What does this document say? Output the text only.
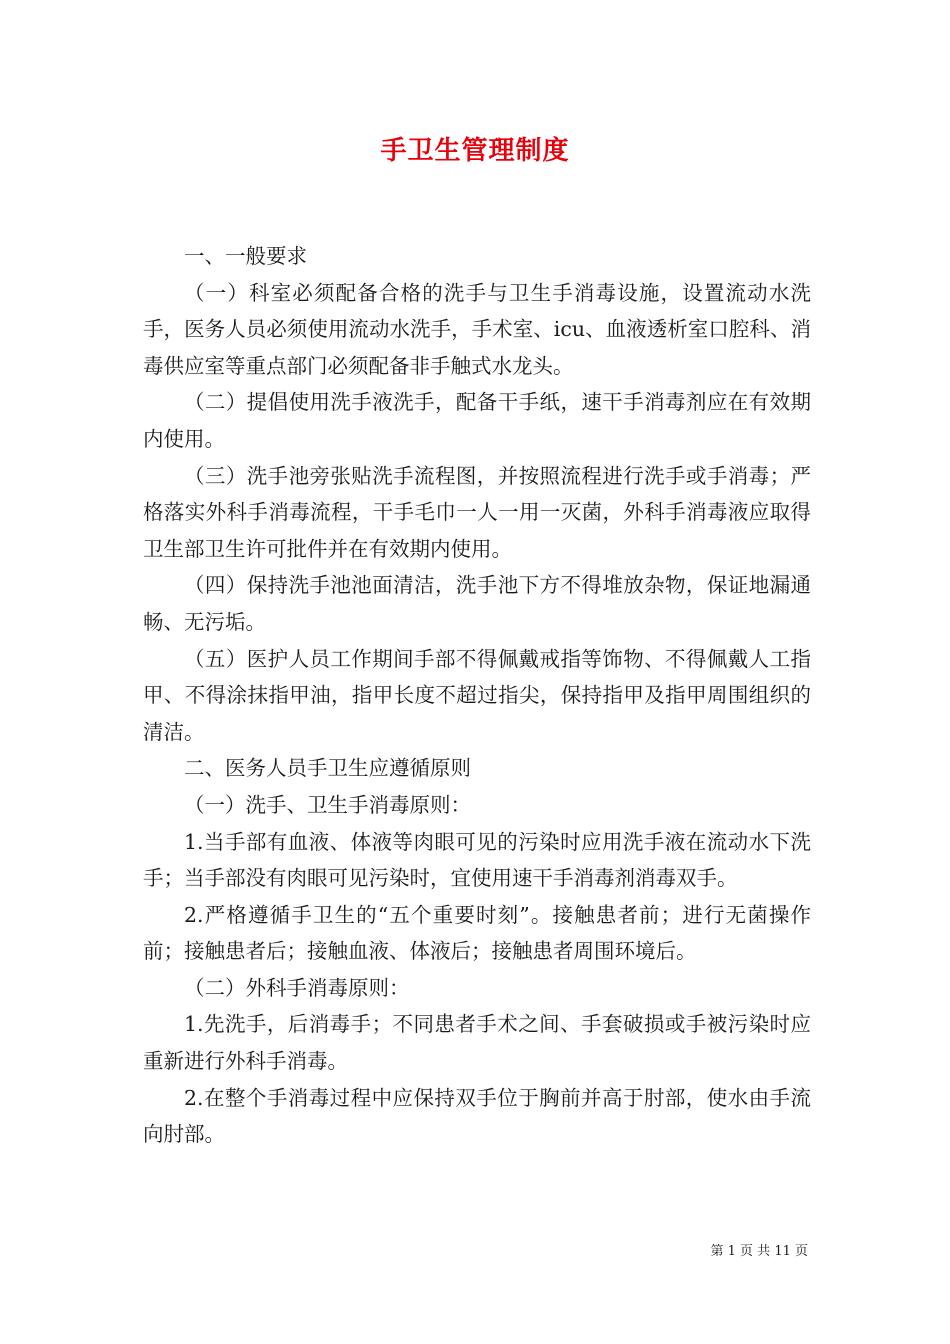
手卫生管理制度

一、一般要求

（一）科室必须配备合格的洗手与卫生手消毒设施，设置流动水洗手，医务人员必须使用流动水洗手，手术室、icu、血液透析室口腔科、消毒供应室等重点部门必须配备非手触式水龙头。

（二）提倡使用洗手液洗手，配备干手纸，速干手消毒剂应在有效期内使用。

（三）洗手池旁张贴洗手流程图，并按照流程进行洗手或手消毒；严格落实外科手消毒流程，干手毛巾一人一用一灭菌，外科手消毒液应取得卫生部卫生许可批件并在有效期内使用。

（四）保持洗手池池面清洁，洗手池下方不得堆放杂物，保证地漏通畅、无污垢。

（五）医护人员工作期间手部不得佩戴戒指等饰物、不得佩戴人工指甲、不得涂抹指甲油，指甲长度不超过指尖，保持指甲及指甲周围组织的清洁。

二、医务人员手卫生应遵循原则

（一）洗手、卫生手消毒原则：

1.当手部有血液、体液等肉眼可见的污染时应用洗手液在流动水下洗手；当手部没有肉眼可见污染时，宜使用速干手消毒剂消毒双手。

2.严格遵循手卫生的“五个重要时刻”。接触患者前；进行无菌操作前；接触患者后；接触血液、体液后；接触患者周围环境后。

（二）外科手消毒原则：

1.先洗手，后消毒手；不同患者手术之间、手套破损或手被污染时应重新进行外科手消毒。

2.在整个手消毒过程中应保持双手位于胸前并高于肘部，使水由手流向肘部。

第 1 页 共 11 页
